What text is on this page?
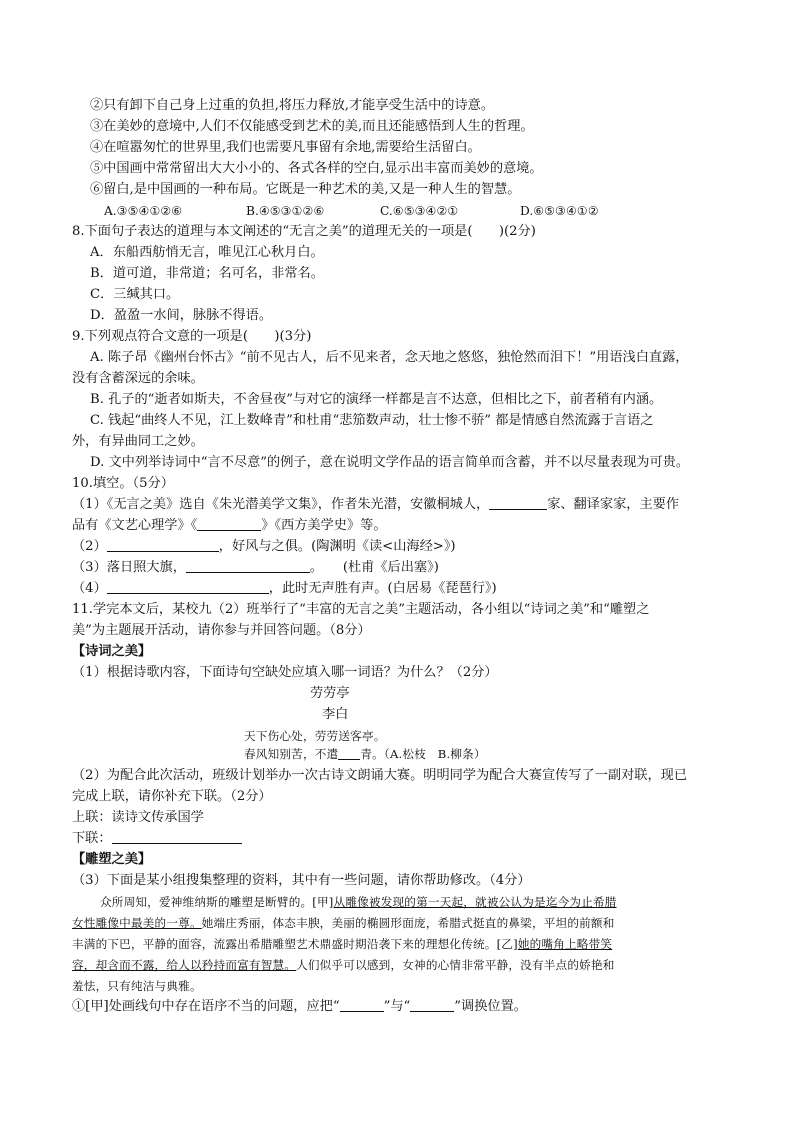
②只有卸下自己身上过重的负担,将压力释放,才能享受生活中的诗意。
③在美妙的意境中,人们不仅能感受到艺术的美,而且还能感悟到人生的哲理。
④在喧嚣匆忙的世界里,我们也需要凡事留有余地,需要给生活留白。
⑤中国画中常常留出大大小小的、各式各样的空白,显示出丰富而美妙的意境。
⑥留白,是中国画的一种布局。它既是一种艺术的美,又是一种人生的智慧。
A.③⑤④①②⑥	B.④⑤③①②⑥	C.⑥⑤③④②①	D.⑥⑤③④①②
8.下面句子表达的道理与本文阐述的“无言之美”的道理无关的一项是(　　)(2分)
A．东船西舫悄无言，唯见江心秋月白。
B．道可道，非常道；名可名，非常名。
C．三缄其口。
D．盈盈一水间，脉脉不得语。
9.下列观点符合文意的一项是(　　)(3分)
A. 陈子昂《幽州台怀古》“前不见古人，后不见来者，念天地之悠悠，独怆然而泪下！”用语浅白直露，
没有含蓄深远的余味。
B. 孔子的“逝者如斯夫，不舍昼夜”与对它的演绎一样都是言不达意，但相比之下，前者稍有内涵。
C. 钱起“曲终人不见，江上数峰青”和杜甫“悲笳数声动，壮士惨不骄” 都是情感自然流露于言语之
外，有异曲同工之妙。
D. 文中列举诗词中“言不尽意”的例子，意在说明文学作品的语言简单而含蓄，并不以尽量表现为可贵。
10.填空。（5分）
（1）《无言之美》选自《朱光潜美学文集》，作者朱光潜，安徽桐城人，	家、翻译家家，主要作
品有《文艺心理学》《	》《西方美学史》等。
（2）	，好风与之俱。(陶渊明《读<山海经>》)
（3）落日照大旗，	。　　(杜甫《后出塞》)
（4）	，此时无声胜有声。(白居易《琵琶行》)
11.学完本文后，某校九（2）班举行了“丰富的无言之美”主题活动，各小组以“诗词之美”和“雕塑之
美”为主题展开活动，请你参与并回答问题。（8分）
【诗词之美】
（1）根据诗歌内容，下面诗句空缺处应填入哪一词语？为什么？（2分）
劳劳亭
李白
天下伤心处，劳劳送客亭。
春风知别苦，不遣 青。（A.松枝　B.柳条）
（2）为配合此次活动，班级计划举办一次古诗文朗诵大赛。明明同学为配合大赛宣传写了一副对联，现已
完成上联，请你补充下联。（2分）
上联：读诗文传承国学
下联：
【雕塑之美】
（3）下面是某小组搜集整理的资料，其中有一些问题，请你帮助修改。（4分）
众所周知，爱神维纳斯的雕塑是断臂的。[甲]从雕像被发现的第一天起，就被公认为是迄今为止希腊
女性雕像中最美的一尊。她端庄秀丽，体态丰腴，美丽的椭圆形面庞，希腊式挺直的鼻梁，平坦的前额和
丰满的下巴，平静的面容，流露出希腊雕塑艺术鼎盛时期沿袭下来的理想化传统。[乙]她的嘴角上略带笑
容，却含而不露，给人以矜持而富有智慧。人们似乎可以感到，女神的心情非常平静，没有半点的娇艳和
羞怯，只有纯洁与典雅。
①[甲]处画线句中存在语序不当的问题，应把“	”与“	”调换位置。
